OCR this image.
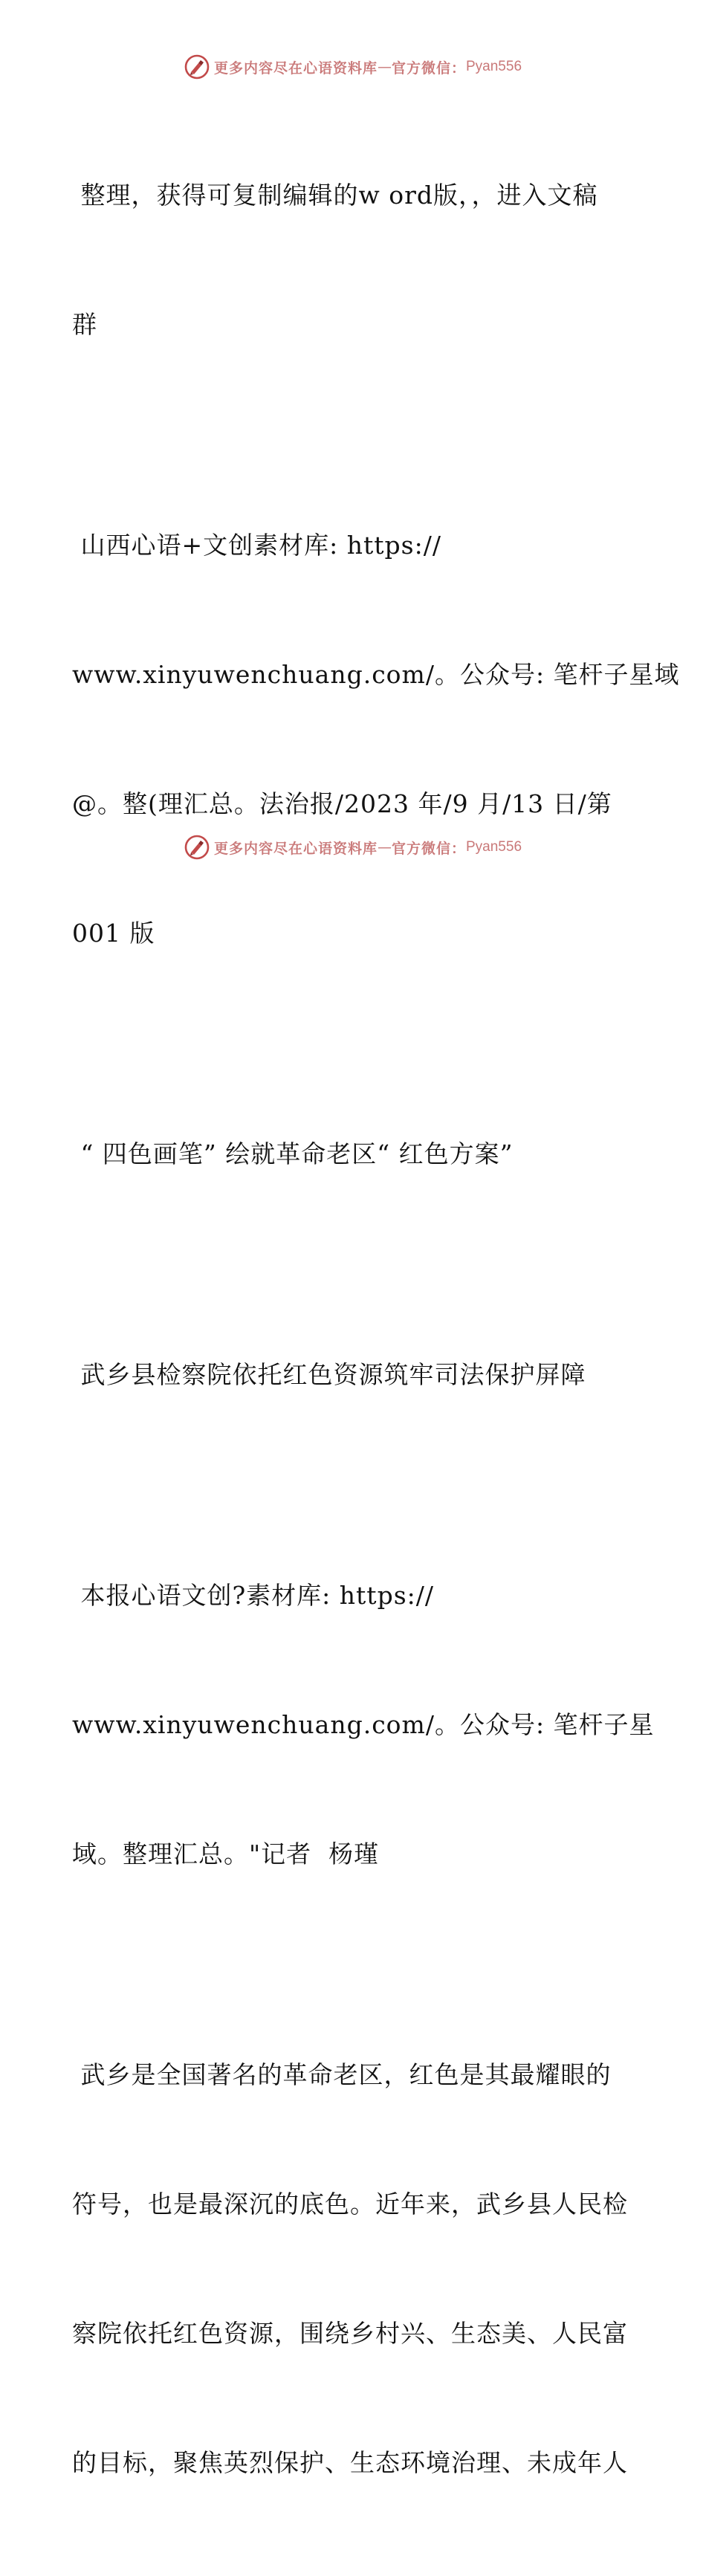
更多内容尽在心语资料库 — 官方微信： Pyan556

整理，获得可复制编辑的w ord版，，进入文稿

群

山西心语+文创素材库: https://

www.xinyuwenchuang.com/。公众号: 笔杆子星域

@。整(理汇总。法治报/2023 年/9 月/13 日/第

001 版

“ 四色画笔” 绘就革命老区“ 红色方案”

武乡县检察院依托红色资源筑牢司法保护屏障

本报心语文创?素材库: https://

www.xinyuwenchuang.com/。公众号: 笔杆子星

域。整理汇总。"记者  杨瑾

武乡是全国著名的革命老区，红色是其最耀眼的

符号，也是最深沉的底色。近年来，武乡县人民检

察院依托红色资源，围绕乡村兴、生态美、人民富

的目标，聚焦英烈保护、生态环境治理、未成年人

更多内容尽在心语资料库 — 官方微信： Pyan556
